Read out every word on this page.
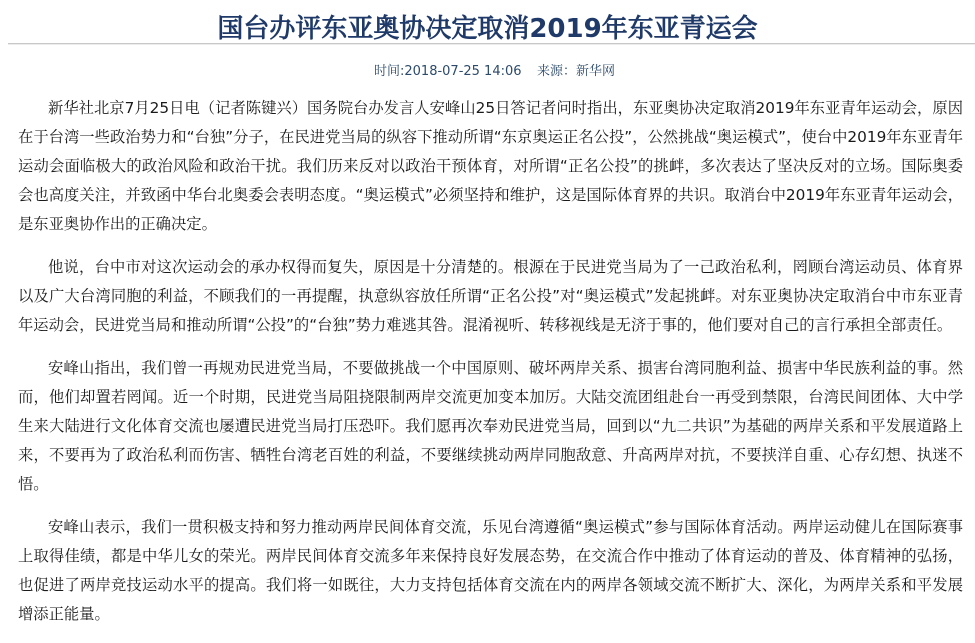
国台办评东亚奥协决定取消2019年东亚青运会
时间:2018-07-25 14:06 来源：新华网

新华社北京7月25日电（记者陈键兴）国务院台办发言人安峰山25日答记者问时指出，东亚奥协决定取消2019年东亚青年运动会，原因在于台湾一些政治势力和“台独”分子，在民进党当局的纵容下推动所谓“东京奥运正名公投”，公然挑战“奥运模式”，使台中2019年东亚青年运动会面临极大的政治风险和政治干扰。我们历来反对以政治干预体育，对所谓“正名公投”的挑衅，多次表达了坚决反对的立场。国际奥委会也高度关注，并致函中华台北奥委会表明态度。“奥运模式”必须坚持和维护，这是国际体育界的共识。取消台中2019年东亚青年运动会，是东亚奥协作出的正确决定。

他说，台中市对这次运动会的承办权得而复失，原因是十分清楚的。根源在于民进党当局为了一己政治私利，罔顾台湾运动员、体育界以及广大台湾同胞的利益，不顾我们的一再提醒，执意纵容放任所谓“正名公投”对“奥运模式”发起挑衅。对东亚奥协决定取消台中市东亚青年运动会，民进党当局和推动所谓“公投”的“台独”势力难逃其咎。混淆视听、转移视线是无济于事的，他们要对自己的言行承担全部责任。

安峰山指出，我们曾一再规劝民进党当局，不要做挑战一个中国原则、破坏两岸关系、损害台湾同胞利益、损害中华民族利益的事。然而，他们却置若罔闻。近一个时期，民进党当局阻挠限制两岸交流更加变本加厉。大陆交流团组赴台一再受到禁限，台湾民间团体、大中学生来大陆进行文化体育交流也屡遭民进党当局打压恐吓。我们愿再次奉劝民进党当局，回到以“九二共识”为基础的两岸关系和平发展道路上来，不要再为了政治私利而伤害、牺牲台湾老百姓的利益，不要继续挑动两岸同胞敌意、升高两岸对抗，不要挟洋自重、心存幻想、执迷不悟。

安峰山表示，我们一贯积极支持和努力推动两岸民间体育交流，乐见台湾遵循“奥运模式”参与国际体育活动。两岸运动健儿在国际赛事上取得佳绩，都是中华儿女的荣光。两岸民间体育交流多年来保持良好发展态势，在交流合作中推动了体育运动的普及、体育精神的弘扬，也促进了两岸竞技运动水平的提高。我们将一如既往，大力支持包括体育交流在内的两岸各领域交流不断扩大、深化，为两岸关系和平发展增添正能量。
